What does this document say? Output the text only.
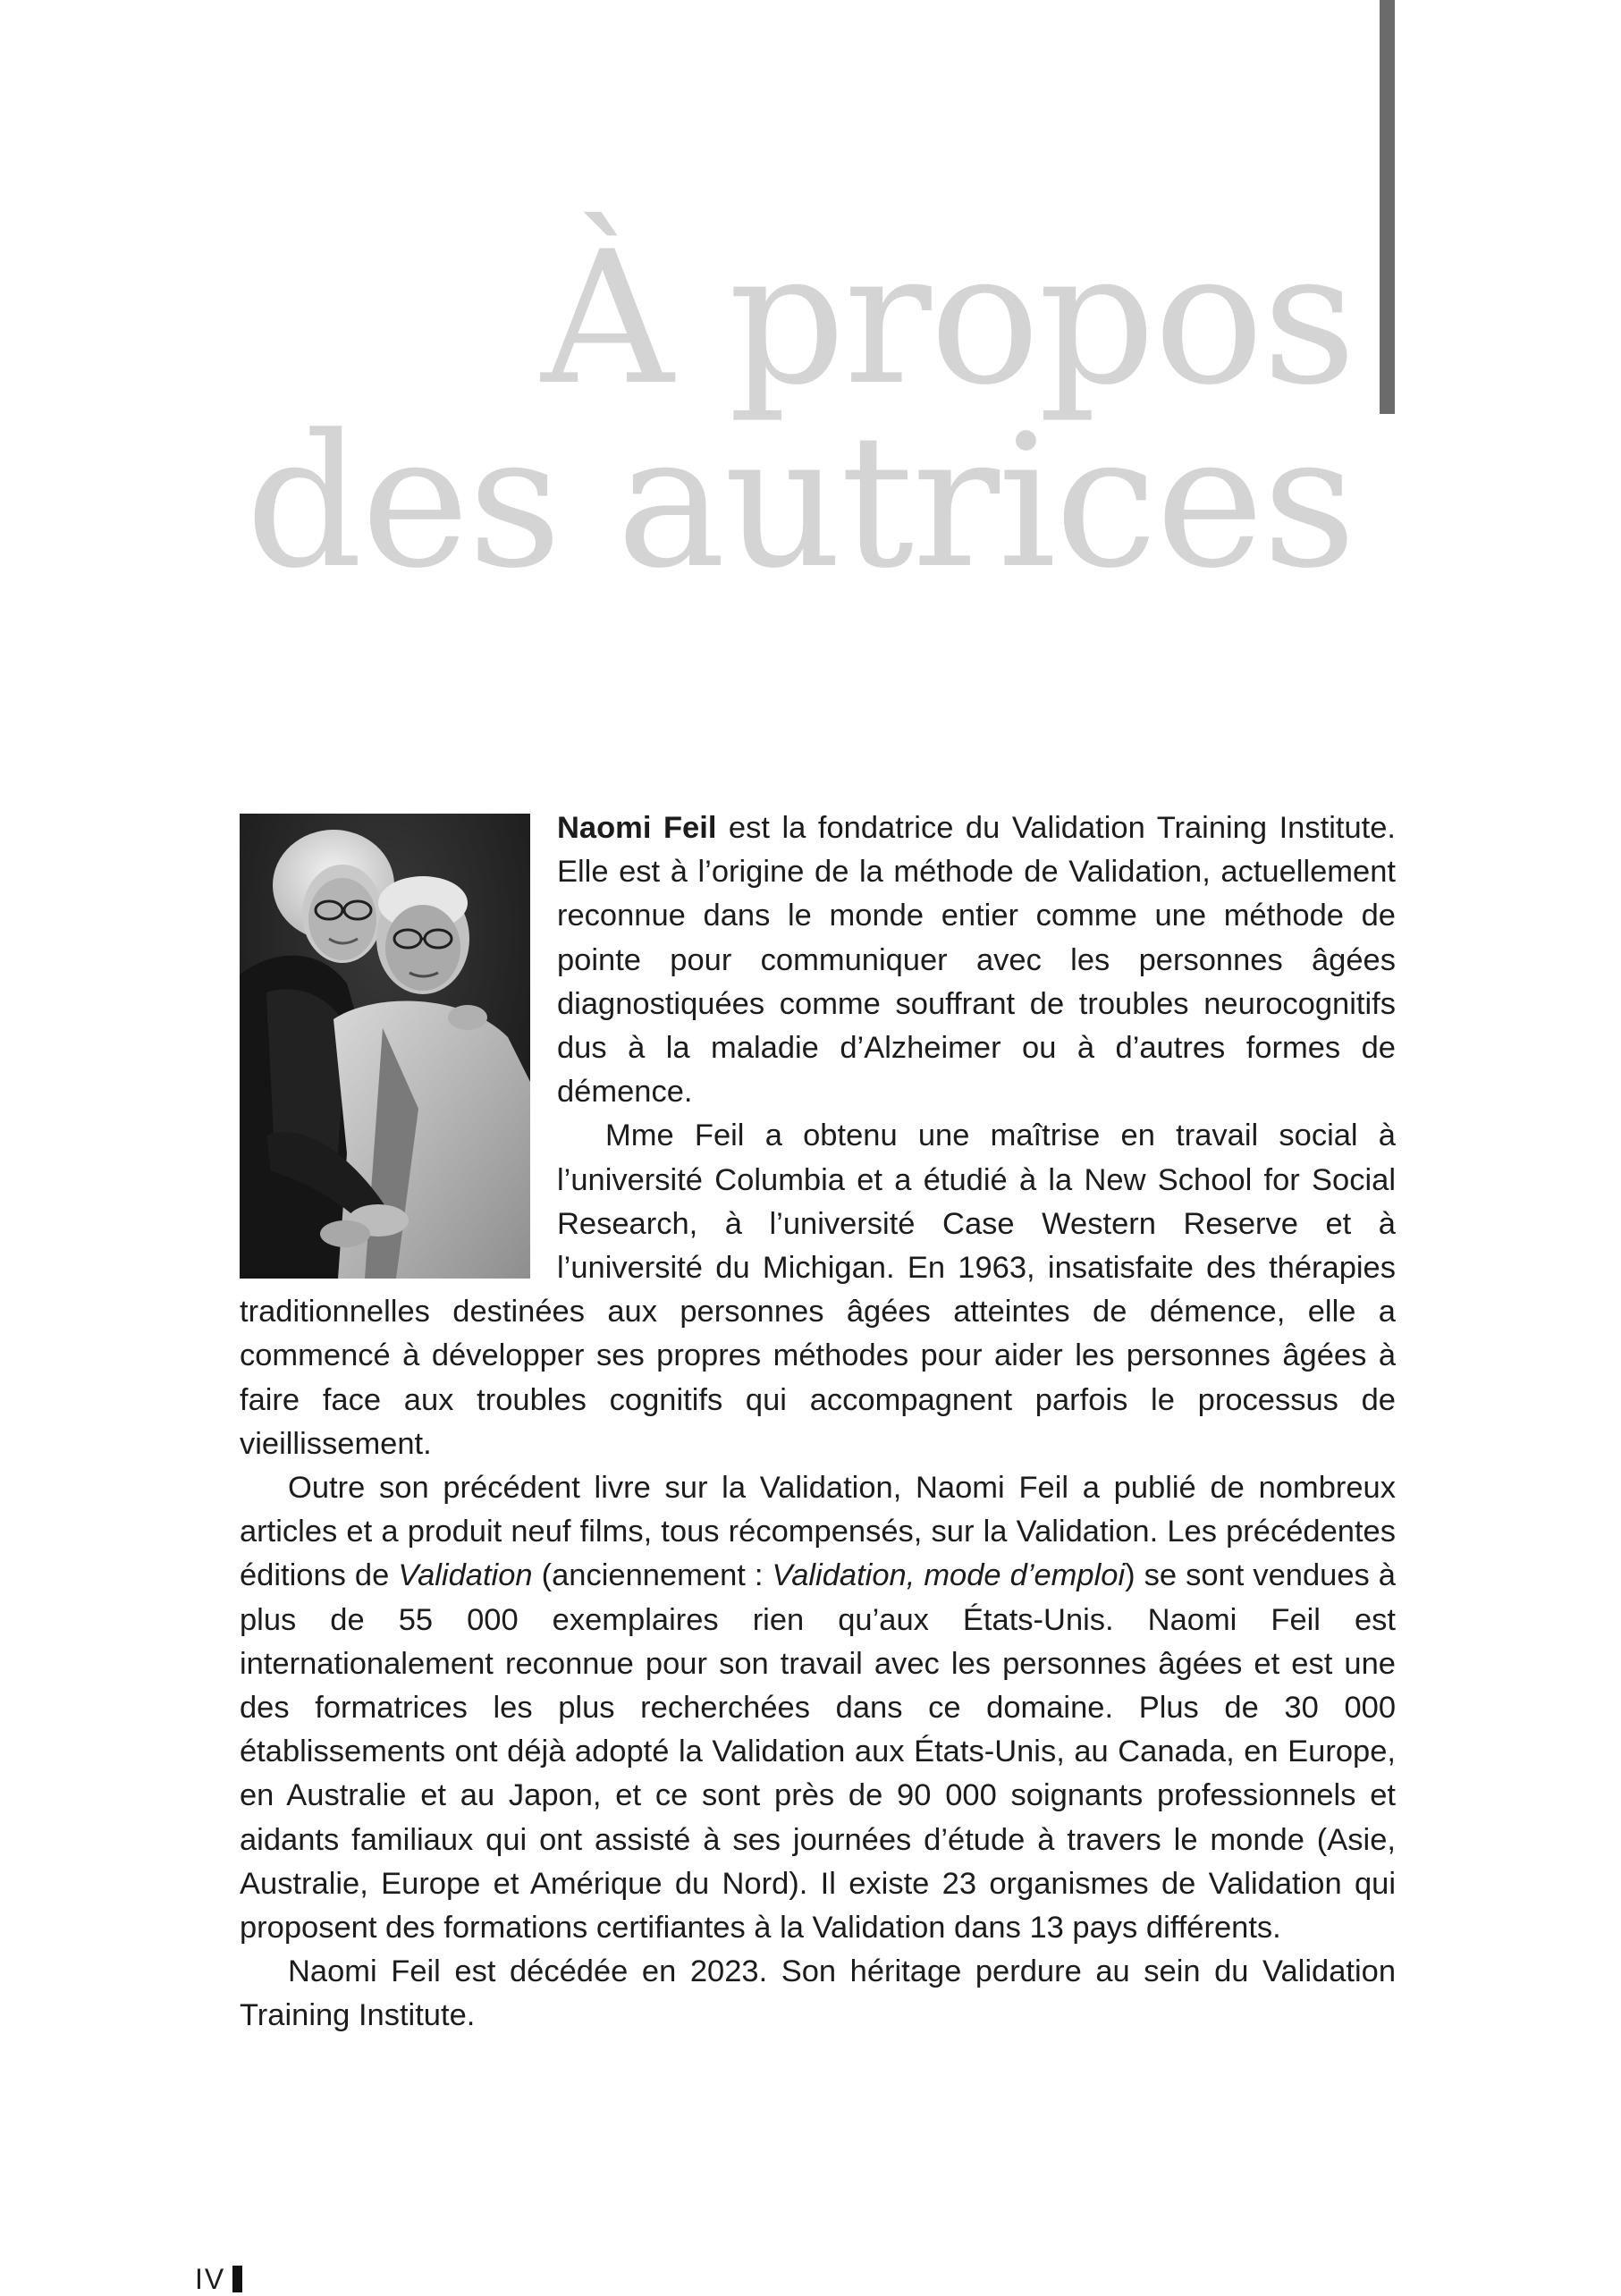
À propos
des autrices

Naomi Feil est la fondatrice du Validation Training Institute. Elle est à l’origine de la méthode de Validation, actuellement reconnue dans le monde entier comme une méthode de pointe pour communiquer avec les personnes âgées diagnostiquées comme souffrant de troubles neurocognitifs dus à la maladie d’Alzheimer ou à d’autres formes de démence.

Mme Feil a obtenu une maîtrise en travail social à l’université Columbia et a étudié à la New School for Social Research, à l’université Case Western Reserve et à l’université du Michigan. En 1963, insatisfaite des thérapies traditionnelles destinées aux personnes âgées atteintes de démence, elle a commencé à développer ses propres méthodes pour aider les personnes âgées à faire face aux troubles cognitifs qui accompagnent parfois le processus de vieillissement.

Outre son précédent livre sur la Validation, Naomi Feil a publié de nombreux articles et a produit neuf films, tous récompensés, sur la Validation. Les précédentes éditions de Validation (anciennement : Validation, mode d’emploi) se sont vendues à plus de 55 000 exemplaires rien qu’aux États-Unis. Naomi Feil est internationalement reconnue pour son travail avec les personnes âgées et est une des formatrices les plus recherchées dans ce domaine. Plus de 30 000 établissements ont déjà adopté la Validation aux États-Unis, au Canada, en Europe, en Australie et au Japon, et ce sont près de 90 000 soignants professionnels et aidants familiaux qui ont assisté à ses journées d’étude à travers le monde (Asie, Australie, Europe et Amérique du Nord). Il existe 23 organismes de Validation qui proposent des formations certifiantes à la Validation dans 13 pays différents.

Naomi Feil est décédée en 2023. Son héritage perdure au sein du Validation Training Institute.

IV
